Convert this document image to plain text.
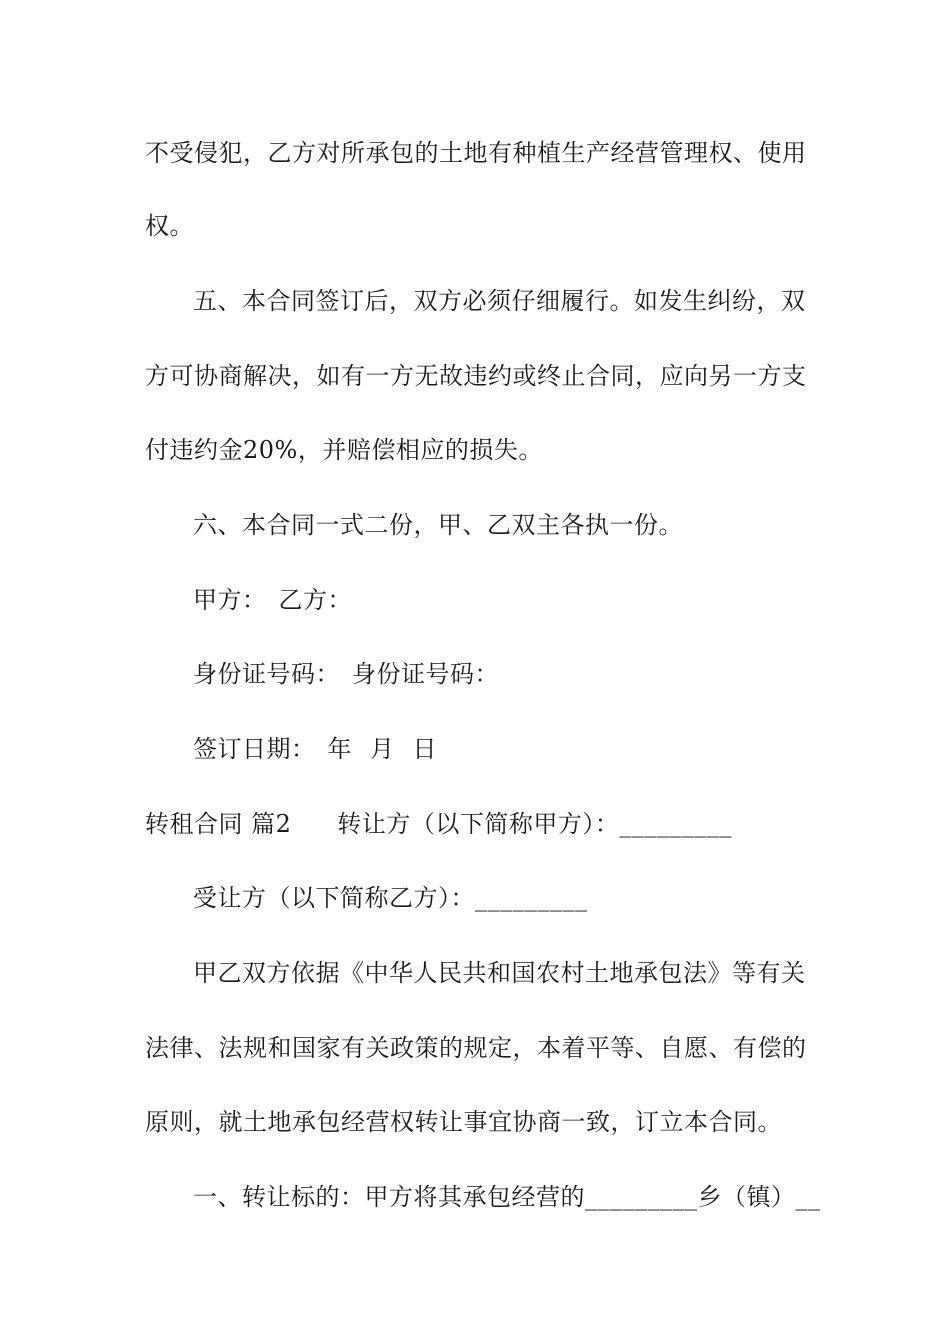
不受侵犯，乙方对所承包的土地有种植生产经营管理权、使用
权。
五、本合同签订后，双方必须仔细履行。如发生纠纷，双
方可协商解决，如有一方无故违约或终止合同，应向另一方支
付违约金20%，并赔偿相应的损失。
六、本合同一式二份，甲、乙双主各执一份。
甲方： 乙方：
身份证号码： 身份证号码：
签订日期： 年 月 日
转租合同 篇2 转让方（以下简称甲方）：_________
受让方（以下简称乙方）：_________
甲乙双方依据《中华人民共和国农村土地承包法》等有关
法律、法规和国家有关政策的规定，本着平等、自愿、有偿的
原则，就土地承包经营权转让事宜协商一致，订立本合同。
一、转让标的：甲方将其承包经营的_________乡（镇）__
